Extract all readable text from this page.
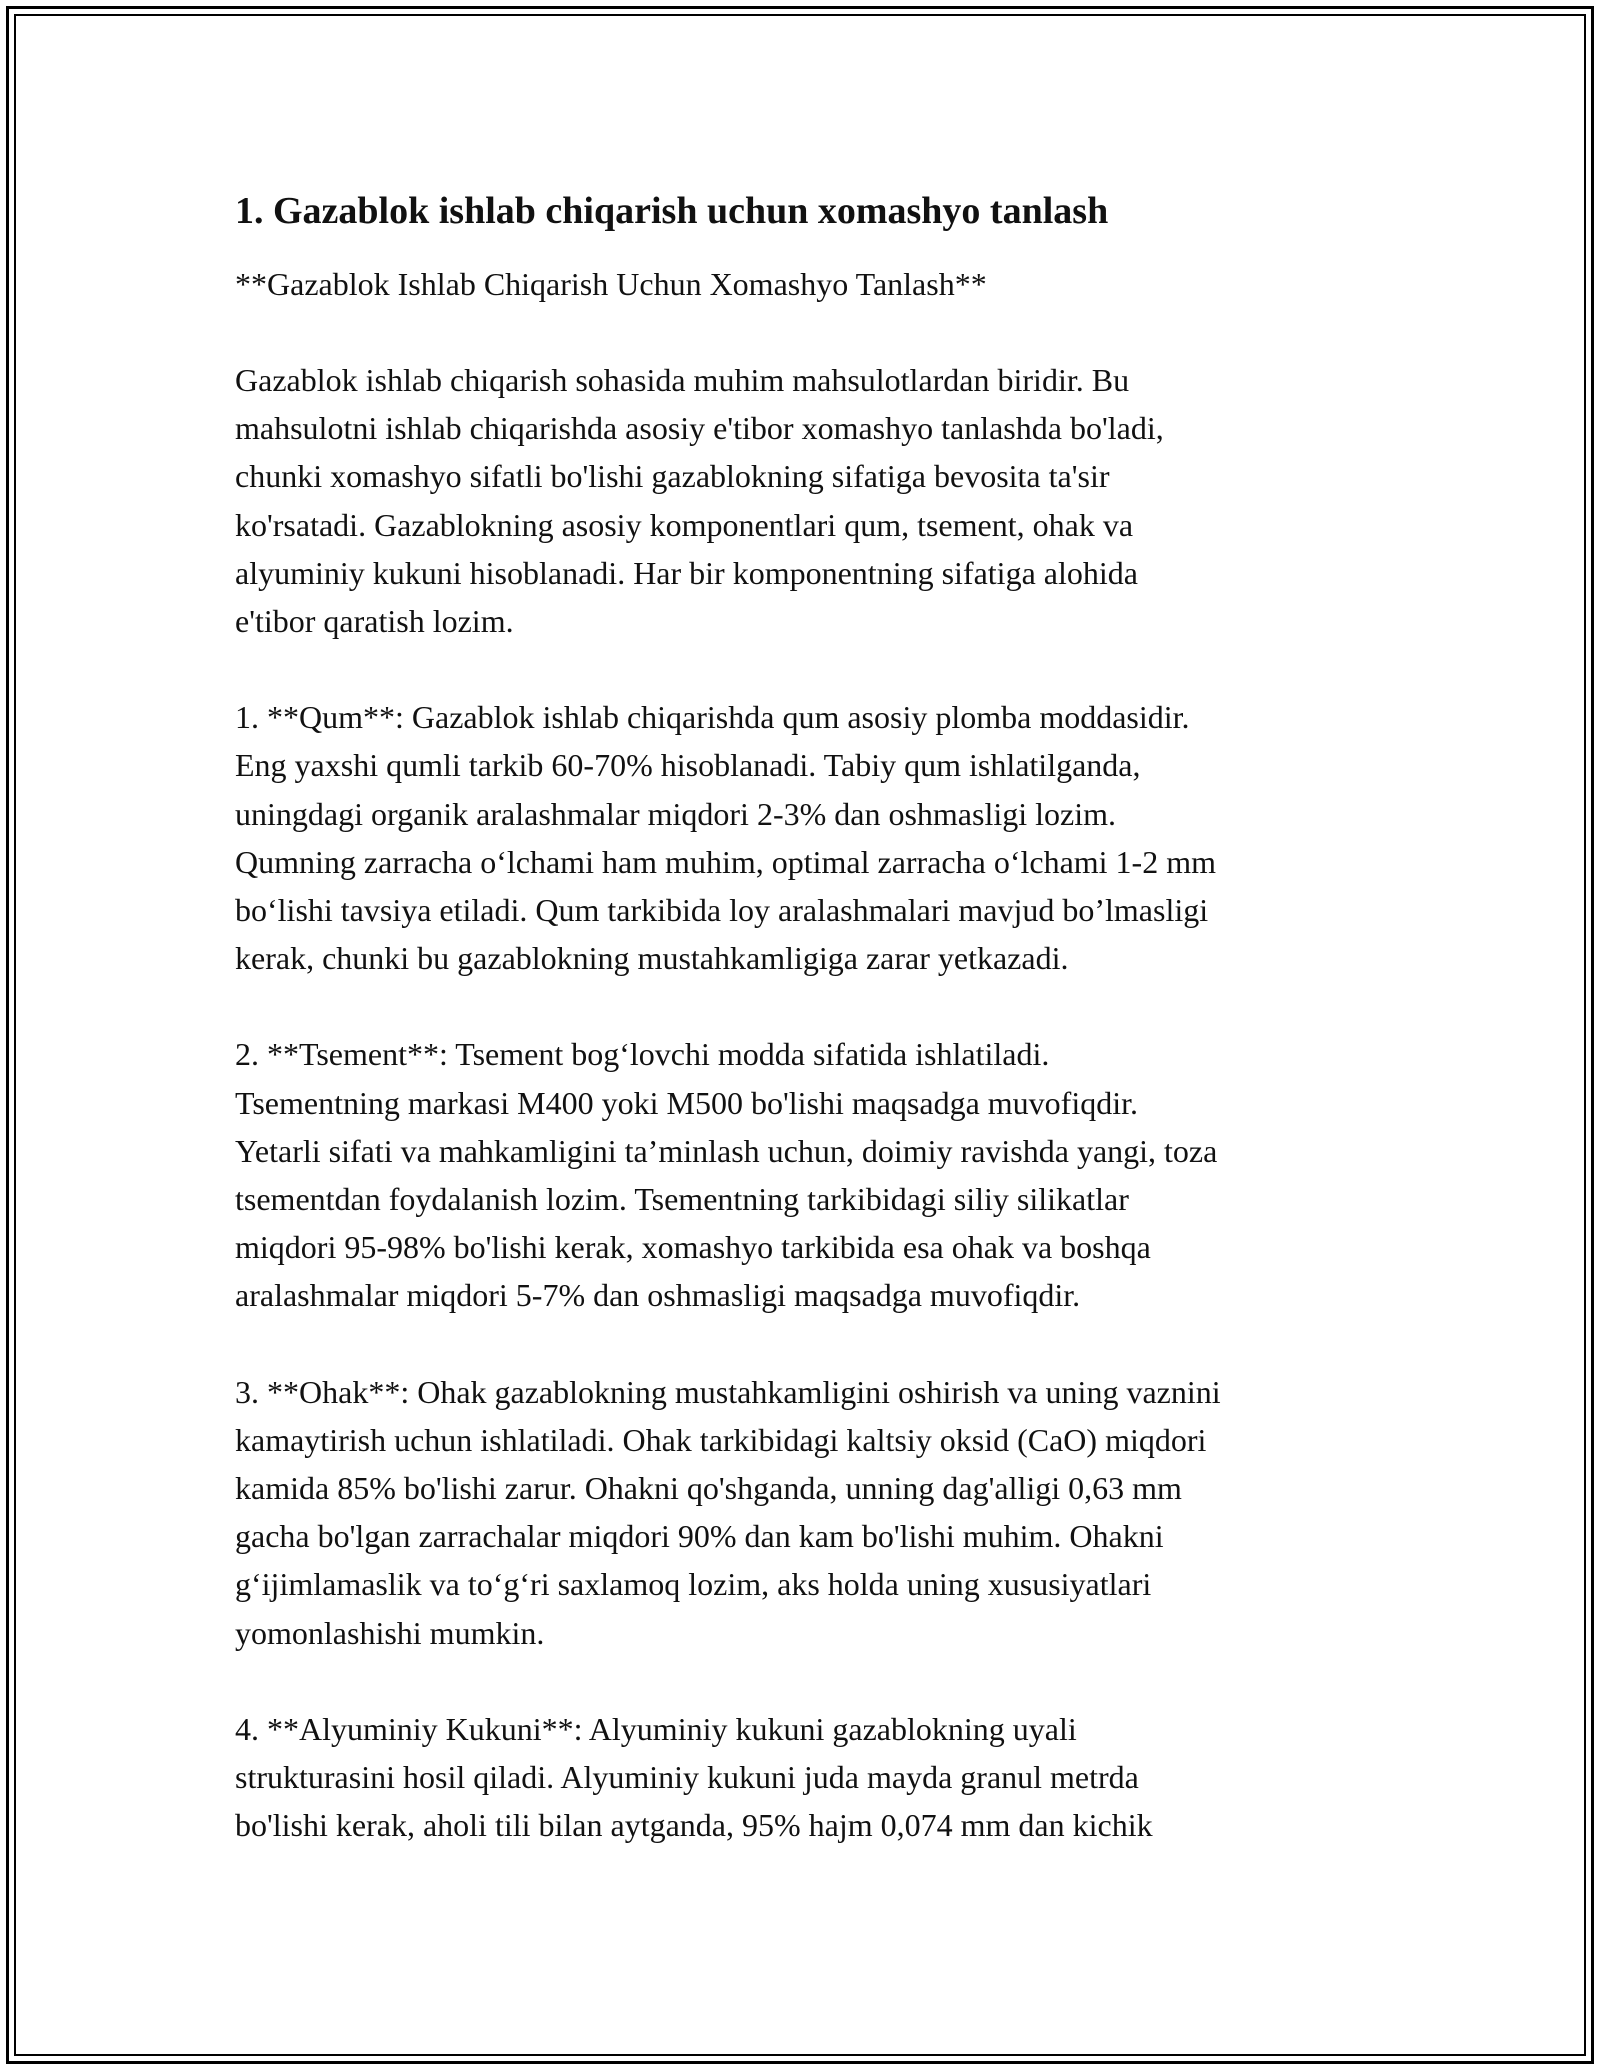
1. Gazablok ishlab chiqarish uchun xomashyo tanlash

**Gazablok Ishlab Chiqarish Uchun Xomashyo Tanlash**

Gazablok ishlab chiqarish sohasida muhim mahsulotlardan biridir. Bu
mahsulotni ishlab chiqarishda asosiy e'tibor xomashyo tanlashda bo'ladi,
chunki xomashyo sifatli bo'lishi gazablokning sifatiga bevosita ta'sir
ko'rsatadi. Gazablokning asosiy komponentlari qum, tsement, ohak va
alyuminiy kukuni hisoblanadi. Har bir komponentning sifatiga alohida
e'tibor qaratish lozim.

1. **Qum**: Gazablok ishlab chiqarishda qum asosiy plomba moddasidir.
Eng yaxshi qumli tarkib 60-70% hisoblanadi. Tabiy qum ishlatilganda,
uningdagi organik aralashmalar miqdori 2-3% dan oshmasligi lozim.
Qumning zarracha o‘lchami ham muhim, optimal zarracha o‘lchami 1-2 mm
bo‘lishi tavsiya etiladi. Qum tarkibida loy aralashmalari mavjud bo’lmasligi
kerak, chunki bu gazablokning mustahkamligiga zarar yetkazadi.

2. **Tsement**: Tsement bog‘lovchi modda sifatida ishlatiladi.
Tsementning markasi M400 yoki M500 bo'lishi maqsadga muvofiqdir.
Yetarli sifati va mahkamligini ta’minlash uchun, doimiy ravishda yangi, toza
tsementdan foydalanish lozim. Tsementning tarkibidagi siliy silikatlar
miqdori 95-98% bo'lishi kerak, xomashyo tarkibida esa ohak va boshqa
aralashmalar miqdori 5-7% dan oshmasligi maqsadga muvofiqdir.

3. **Ohak**: Ohak gazablokning mustahkamligini oshirish va uning vaznini
kamaytirish uchun ishlatiladi. Ohak tarkibidagi kaltsiy oksid (CaO) miqdori
kamida 85% bo'lishi zarur. Ohakni qo'shganda, unning dag'alligi 0,63 mm
gacha bo'lgan zarrachalar miqdori 90% dan kam bo'lishi muhim. Ohakni
g‘ijimlamaslik va to‘g‘ri saxlamoq lozim, aks holda uning xususiyatlari
yomonlashishi mumkin.

4. **Alyuminiy Kukuni**: Alyuminiy kukuni gazablokning uyali
strukturasini hosil qiladi. Alyuminiy kukuni juda mayda granul metrda
bo'lishi kerak, aholi tili bilan aytganda, 95% hajm 0,074 mm dan kichik
